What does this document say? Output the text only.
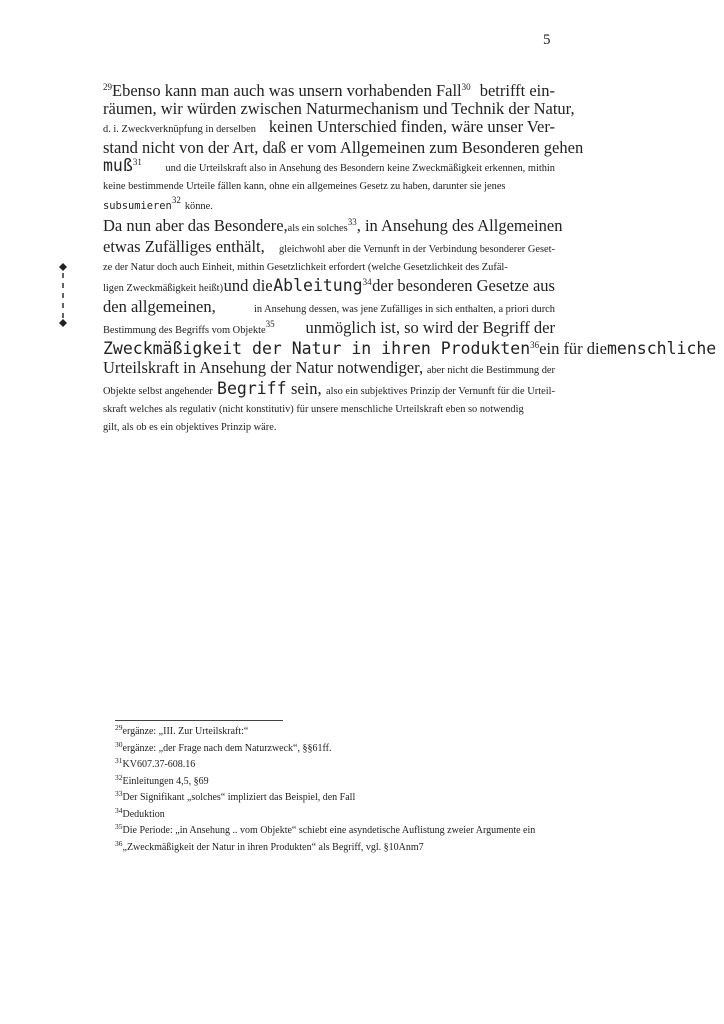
5
$^{29}$Ebenso kann man auch was unsern vorhabenden Fall$^{30}$ betrifft ein-
räumen, wir würden zwischen Naturmechanism und Technik der Natur,
d. i. Zweckverknüpfung in derselben keinen Unterschied finden, wäre unser Ver-
stand nicht von der Art, daß er vom Allgemeinen zum Besonderen gehen
muß$^{31}$
und die Urteilskraft also in Ansehung des Besondern keine Zweckmäßigkeit erkennen, mithin
keine bestimmende Urteile fällen kann, ohne ein allgemeines Gesetz zu haben, darunter sie jenes
subsumieren$^{32}$
könne.
Da nun aber das Besondere, als ein solches$^{33}$, in Ansehung des Allgemeinen
etwas Zufälliges enthält, gleichwohl aber die Vernunft in der Verbindung besonderer Geset-
ze der Natur doch auch Einheit, mithin Gesetzlichkeit erfordert (welche Gesetzlichkeit des Zufäl-
ligen Zweckmäßigkeit heißt) und die Ableitung$^{34}$ der besonderen Gesetze aus
den allgemeinen,	in Ansehung dessen, was jene Zufälliges in sich enthalten, a priori durch
Bestimmung des Begriffs vom Objekte$^{35}$ unmöglich ist, so wird der Begriff der
Zweckmäßigkeit der Natur in ihren Produkten$^{36}$ ein für die menschliche
Urteilskraft in Ansehung der Natur notwendiger, aber nicht die Bestimmung der
Objekte selbst angehender Begriff sein, also ein subjektives Prinzip der Vernunft für die Urteil-
skraft welches als regulativ (nicht konstitutiv) für unsere menschliche Urteilskraft eben so notwendig
gilt, als ob es ein objektives Prinzip wäre.
$^{29}$ergänze: „III. Zur Urteilskraft:“
$^{30}$ergänze: „der Frage nach dem Naturzweck“, §§61ff.
$^{31}$KV607.37-608.16
$^{32}$Einleitungen 4,5, §69
$^{33}$Der Signifikant „solches“ impliziert das Beispiel, den Fall
$^{34}$Deduktion
$^{35}$Die Periode: „in Ansehung .. vom Objekte“ schiebt eine asyndetische Auflistung zweier Argumente ein
$^{36}$„Zweckmäßigkeit der Natur in ihren Produkten“ als Begriff, vgl. §10Anm7
